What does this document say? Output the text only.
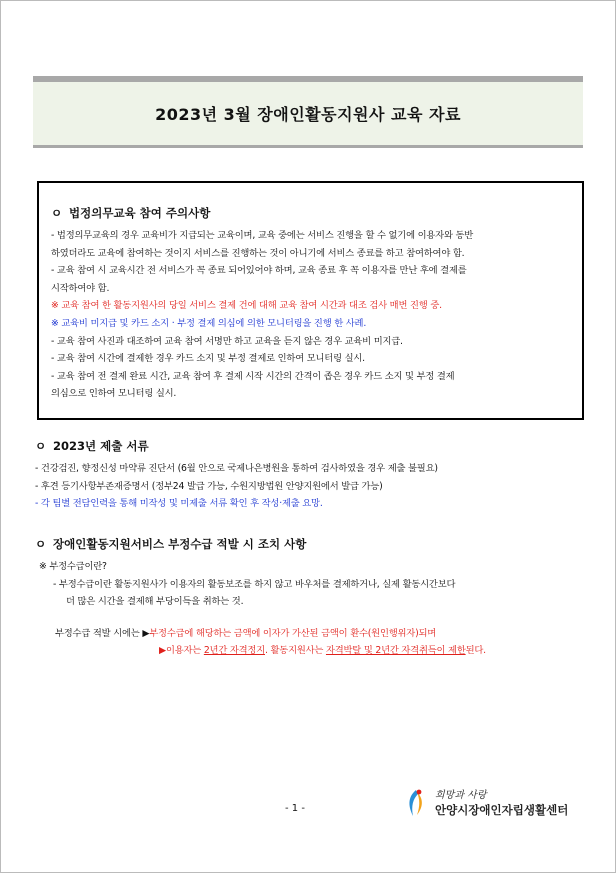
2023년 3월 장애인활동지원사 교육 자료
ㅇ 법정의무교육 참여 주의사항
- 법정의무교육의 경우 교육비가 지급되는 교육이며, 교육 중에는 서비스 진행을 할 수 없기에 이용자와 동반
하였더라도 교육에 참여하는 것이지 서비스를 진행하는 것이 아니기에 서비스 종료를 하고 참여하여야 함.
- 교육 참여 시 교육시간 전 서비스가 꼭 종료 되어있어야 하며, 교육 종료 후 꼭 이용자를 만난 후에 결제를
시작하여야 함.
※ 교육 참여 한 활동지원사의 당일 서비스 결제 건에 대해 교육 참여 시간과 대조 검사 매번 진행 중.
※ 교육비 미지급 및 카드 소지 · 부정 결제 의심에 의한 모니터링을 진행 한 사례.
- 교육 참여 사진과 대조하여 교육 참여 서명만 하고 교육을 듣지 않은 경우 교육비 미지급.
- 교육 참여 시간에 결제한 경우 카드 소지 및 부정 결제로 인하여 모니터링 실시.
- 교육 참여 전 결제 완료 시간, 교육 참여 후 결제 시작 시간의 간격이 좁은 경우 카드 소지 및 부정 결제
의심으로 인하여 모니터링 실시.
ㅇ 2023년 제출 서류
- 건강검진, 향정신성 마약류 진단서 (6월 안으로 국제나은병원을 통하여 검사하였을 경우 제출 불필요)
- 후견 등기사항부존재증명서 (정부24 발급 가능, 수원지방법원 안양지원에서 발급 가능)
- 각 팀별 전담인력을 통해 미작성 및 미제출 서류 확인 후 작성·제출 요망.
ㅇ 장애인활동지원서비스 부정수급 적발 시 조치 사항
※ 부정수급이란?
- 부정수급이란 활동지원사가 이용자의 활동보조를 하지 않고 바우처를 결제하거나, 실제 활동시간보다
더 많은 시간을 결제해 부당이득을 취하는 것.
부정수급 적발 시에는 ▶부정수급에 해당하는 금액에 이자가 가산된 금액이 환수(원인행위자)되며
▶이용자는 2년간 자격정지. 활동지원사는 자격박탈 및 2년간 자격취득이 제한된다.
- 1 -
희망과 사랑
안양시장애인자립생활센터
